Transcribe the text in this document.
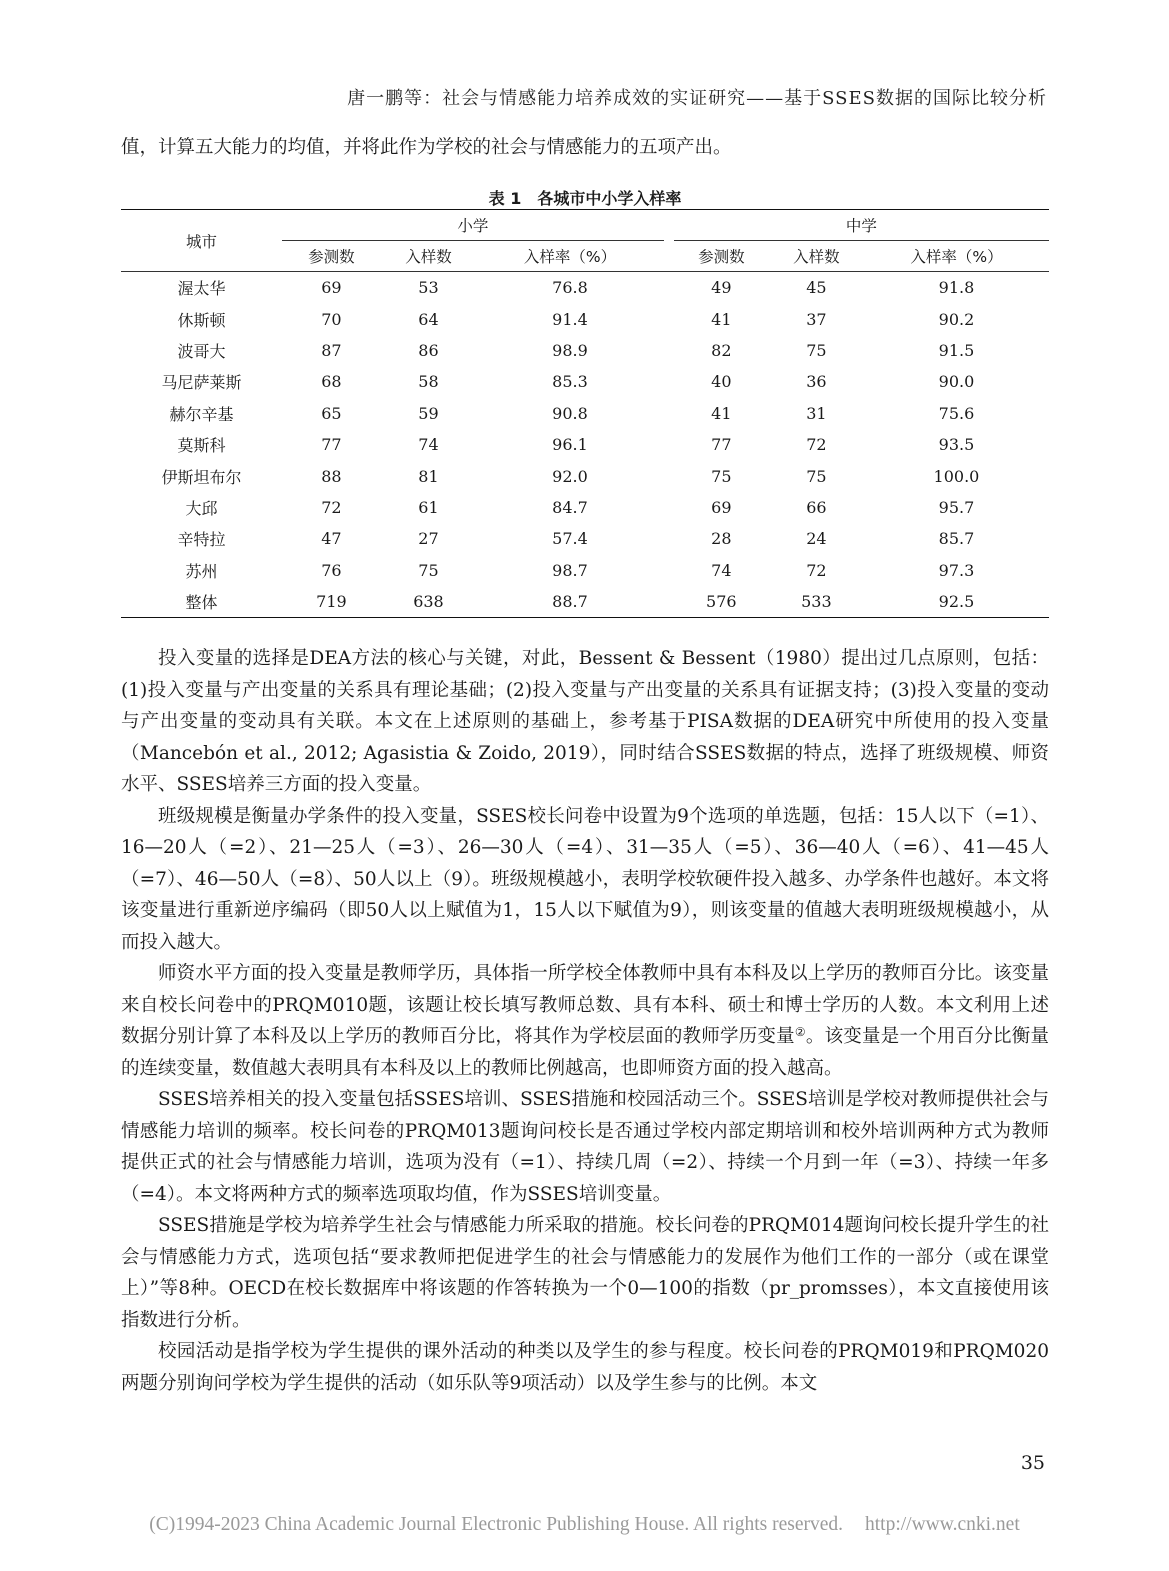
唐一鹏等：社会与情感能力培养成效的实证研究——基于SSES数据的国际比较分析

值，计算五大能力的均值，并将此作为学校的社会与情感能力的五项产出。

表 1　各城市中小学入样率
城市	小学				中学		
	参测数	入样数	入样率（%）		参测数	入样数	入样率（%）
渥太华	69	53	76.8		49	45	91.8
休斯顿	70	64	91.4		41	37	90.2
波哥大	87	86	98.9		82	75	91.5
马尼萨莱斯	68	58	85.3		40	36	90.0
赫尔辛基	65	59	90.8		41	31	75.6
莫斯科	77	74	96.1		77	72	93.5
伊斯坦布尔	88	81	92.0		75	75	100.0
大邱	72	61	84.7		69	66	95.7
辛特拉	47	27	57.4		28	24	85.7
苏州	76	75	98.7		74	72	97.3
整体	719	638	88.7		576	533	92.5

投入变量的选择是DEA方法的核心与关键，对此，Bessent & Bessent（1980）提出过几点原则，包括：(1)投入变量与产出变量的关系具有理论基础；(2)投入变量与产出变量的关系具有证据支持；(3)投入变量的变动与产出变量的变动具有关联。本文在上述原则的基础上，参考基于PISA数据的DEA研究中所使用的投入变量（Mancebón et al., 2012; Agasistia & Zoido, 2019），同时结合SSES数据的特点，选择了班级规模、师资水平、SSES培养三方面的投入变量。

班级规模是衡量办学条件的投入变量，SSES校长问卷中设置为9个选项的单选题，包括：15人以下（=1）、16—20人（=2）、21—25人（=3）、26—30人（=4）、31—35人（=5）、36—40人（=6）、41—45人（=7）、46—50人（=8）、50人以上（9）。班级规模越小，表明学校软硬件投入越多、办学条件也越好。本文将该变量进行重新逆序编码（即50人以上赋值为1，15人以下赋值为9），则该变量的值越大表明班级规模越小，从而投入越大。

师资水平方面的投入变量是教师学历，具体指一所学校全体教师中具有本科及以上学历的教师百分比。该变量来自校长问卷中的PRQM010题，该题让校长填写教师总数、具有本科、硕士和博士学历的人数。本文利用上述数据分别计算了本科及以上学历的教师百分比，将其作为学校层面的教师学历变量②。该变量是一个用百分比衡量的连续变量，数值越大表明具有本科及以上的教师比例越高，也即师资方面的投入越高。

SSES培养相关的投入变量包括SSES培训、SSES措施和校园活动三个。SSES培训是学校对教师提供社会与情感能力培训的频率。校长问卷的PRQM013题询问校长是否通过学校内部定期培训和校外培训两种方式为教师提供正式的社会与情感能力培训，选项为没有（=1）、持续几周（=2）、持续一个月到一年（=3）、持续一年多（=4）。本文将两种方式的频率选项取均值，作为SSES培训变量。

SSES措施是学校为培养学生社会与情感能力所采取的措施。校长问卷的PRQM014题询问校长提升学生的社会与情感能力方式，选项包括“要求教师把促进学生的社会与情感能力的发展作为他们工作的一部分（或在课堂上）”等8种。OECD在校长数据库中将该题的作答转换为一个0—100的指数（pr_promsses），本文直接使用该指数进行分析。

校园活动是指学校为学生提供的课外活动的种类以及学生的参与程度。校长问卷的PRQM019和PRQM020两题分别询问学校为学生提供的活动（如乐队等9项活动）以及学生参与的比例。本文

35
(C)1994-2023 China Academic Journal Electronic Publishing House. All rights reserved. http://www.cnki.net
